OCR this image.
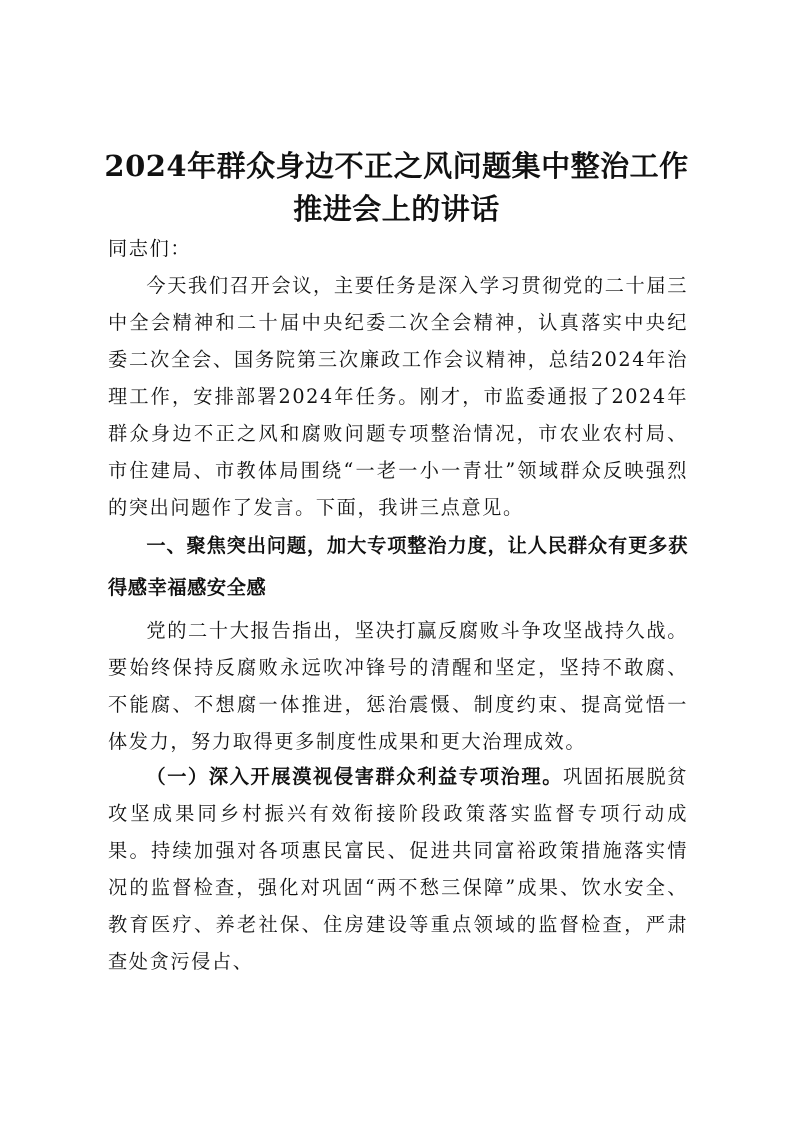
2024年群众身边不正之风问题集中整治工作
推进会上的讲话

同志们：

今天我们召开会议，主要任务是深入学习贯彻党的二十届三中全会精神和二十届中央纪委二次全会精神，认真落实中央纪委二次全会、国务院第三次廉政工作会议精神，总结2024年治理工作，安排部署2024年任务。刚才，市监委通报了2024年群众身边不正之风和腐败问题专项整治情况，市农业农村局、市住建局、市教体局围绕“一老一小一青壮”领域群众反映强烈的突出问题作了发言。下面，我讲三点意见。

一、聚焦突出问题，加大专项整治力度，让人民群众有更多获得感幸福感安全感

党的二十大报告指出，坚决打赢反腐败斗争攻坚战持久战。要始终保持反腐败永远吹冲锋号的清醒和坚定，坚持不敢腐、不能腐、不想腐一体推进，惩治震慑、制度约束、提高觉悟一体发力，努力取得更多制度性成果和更大治理成效。

（一）深入开展漠视侵害群众利益专项治理。巩固拓展脱贫攻坚成果同乡村振兴有效衔接阶段政策落实监督专项行动成果。持续加强对各项惠民富民、促进共同富裕政策措施落实情况的监督检查，强化对巩固“两不愁三保障”成果、饮水安全、教育医疗、养老社保、住房建设等重点领域的监督检查，严肃查处贪污侵占、
